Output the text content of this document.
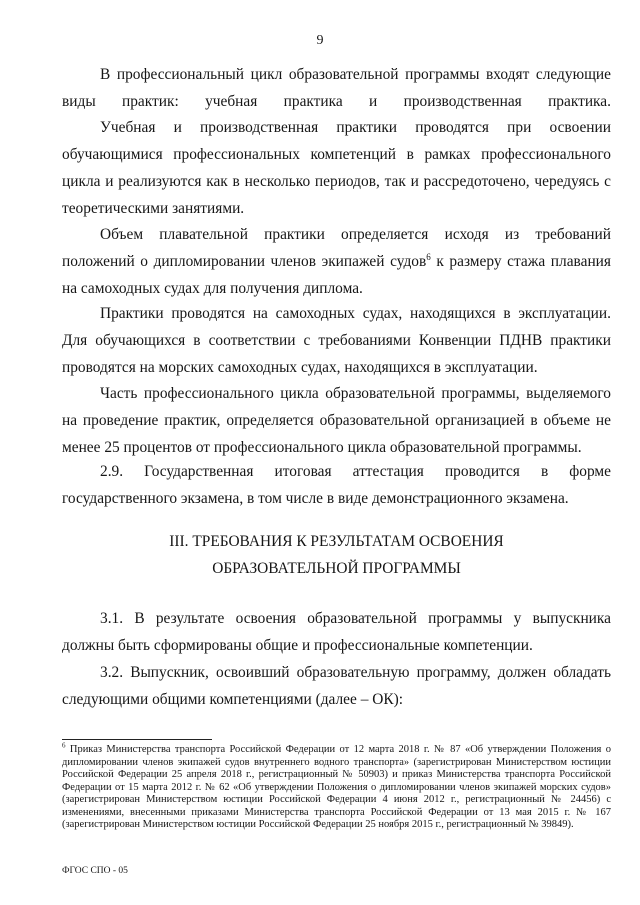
9

В профессиональный цикл образовательной программы входят следующие виды практик: учебная практика и производственная практика.

Учебная и производственная практики проводятся при освоении обучающимися профессиональных компетенций в рамках профессионального цикла и реализуются как в несколько периодов, так и рассредоточено, чередуясь с теоретическими занятиями.

Объем плавательной практики определяется исходя из требований положений о дипломировании членов экипажей судов$^6$ к размеру стажа плавания на самоходных судах для получения диплома.

Практики проводятся на самоходных судах, находящихся в эксплуатации. Для обучающихся в соответствии с требованиями Конвенции ПДНВ практики проводятся на морских самоходных судах, находящихся в эксплуатации.

Часть профессионального цикла образовательной программы, выделяемого на проведение практик, определяется образовательной организацией в объеме не менее 25 процентов от профессионального цикла образовательной программы.

2.9. Государственная итоговая аттестация проводится в форме государственного экзамена, в том числе в виде демонстрационного экзамена.

III. ТРЕБОВАНИЯ К РЕЗУЛЬТАТАМ ОСВОЕНИЯ
ОБРАЗОВАТЕЛЬНОЙ ПРОГРАММЫ

3.1. В результате освоения образовательной программы у выпускника должны быть сформированы общие и профессиональные компетенции.

3.2. Выпускник, освоивший образовательную программу, должен обладать следующими общими компетенциями (далее – ОК):

$^6$ Приказ Министерства транспорта Российской Федерации от 12 марта 2018 г. № 87 «Об утверждении Положения о дипломировании членов экипажей судов внутреннего водного транспорта» (зарегистрирован Министерством юстиции Российской Федерации 25 апреля 2018 г., регистрационный № 50903) и приказ Министерства транспорта Российской Федерации от 15 марта 2012 г. № 62 «Об утверждении Положения о дипломировании членов экипажей морских судов» (зарегистрирован Министерством юстиции Российской Федерации 4 июня 2012 г., регистрационный № 24456) с изменениями, внесенными приказами Министерства транспорта Российской Федерации от 13 мая 2015 г. № 167 (зарегистрирован Министерством юстиции Российской Федерации 25 ноября 2015 г., регистрационный № 39849).

ФГОС СПО - 05
